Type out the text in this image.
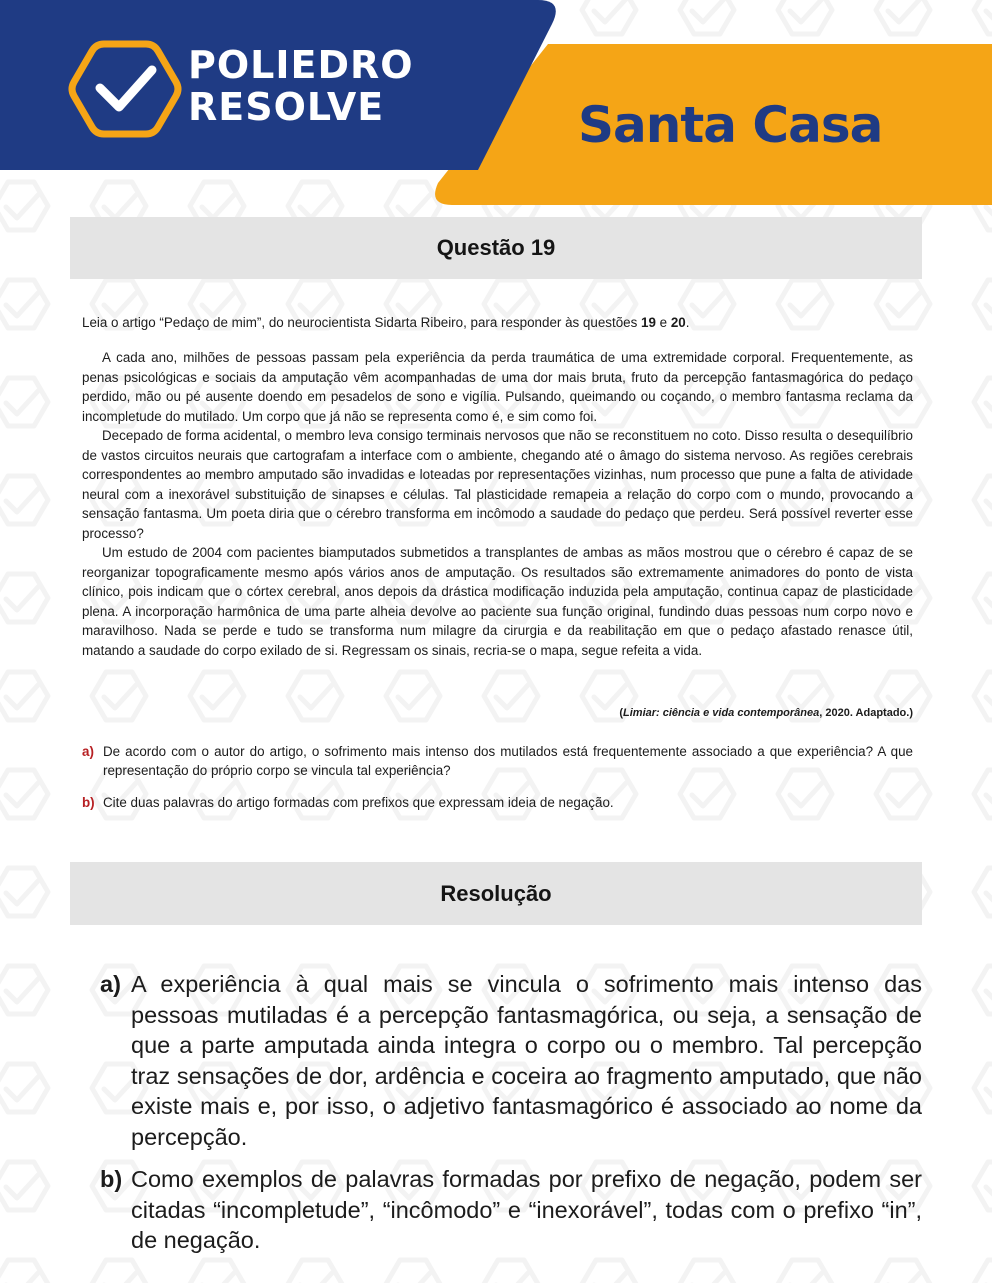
POLIEDRO
RESOLVE	Santa Casa
Questão 19
Leia o artigo “Pedaço de mim”, do neurocientista Sidarta Ribeiro, para responder às questões 19 e 20.

A cada ano, milhões de pessoas passam pela experiência da perda traumática de uma extremidade corporal. Frequentemente, as penas psicológicas e sociais da amputação vêm acompanhadas de uma dor mais bruta, fruto da percepção fantasmagórica do pedaço perdido, mão ou pé ausente doendo em pesadelos de sono e vigília. Pulsando, queimando ou coçando, o membro fantasma reclama da incompletude do mutilado. Um corpo que já não se representa como é, e sim como foi.

Decepado de forma acidental, o membro leva consigo terminais nervosos que não se reconstituem no coto. Disso resulta o desequilíbrio de vastos circuitos neurais que cartografam a interface com o ambiente, chegando até o âmago do sistema nervoso. As regiões cerebrais correspondentes ao membro amputado são invadidas e loteadas por representações vizinhas, num processo que pune a falta de atividade neural com a inexorável substituição de sinapses e células. Tal plasticidade remapeia a relação do corpo com o mundo, provocando a sensação fantasma. Um poeta diria que o cérebro transforma em incômodo a saudade do pedaço que perdeu. Será possível reverter esse processo?

Um estudo de 2004 com pacientes biamputados submetidos a transplantes de ambas as mãos mostrou que o cérebro é capaz de se reorganizar topograficamente mesmo após vários anos de amputação. Os resultados são extremamente animadores do ponto de vista clínico, pois indicam que o córtex cerebral, anos depois da drástica modificação induzida pela amputação, continua capaz de plasticidade plena. A incorporação harmônica de uma parte alheia devolve ao paciente sua função original, fundindo duas pessoas num corpo novo e maravilhoso. Nada se perde e tudo se transforma num milagre da cirurgia e da reabilitação em que o pedaço afastado renasce útil, matando a saudade do corpo exilado de si. Regressam os sinais, recria-se o mapa, segue refeita a vida.

(Limiar: ciência e vida contemporânea, 2020. Adaptado.)
a) De acordo com o autor do artigo, o sofrimento mais intenso dos mutilados está frequentemente associado a que experiência? A que representação do próprio corpo se vincula tal experiência?
b) Cite duas palavras do artigo formadas com prefixos que expressam ideia de negação.
Resolução
a) A experiência à qual mais se vincula o sofrimento mais intenso das pessoas mutiladas é a percepção fantasmagórica, ou seja, a sensação de que a parte amputada ainda integra o corpo ou o membro. Tal percepção traz sensações de dor, ardência e coceira ao fragmento amputado, que não existe mais e, por isso, o adjetivo fantasmagórico é associado ao nome da percepção.
b) Como exemplos de palavras formadas por prefixo de negação, podem ser citadas “incompletude”, “incômodo” e “inexorável”, todas com o prefixo “in”, de negação.
